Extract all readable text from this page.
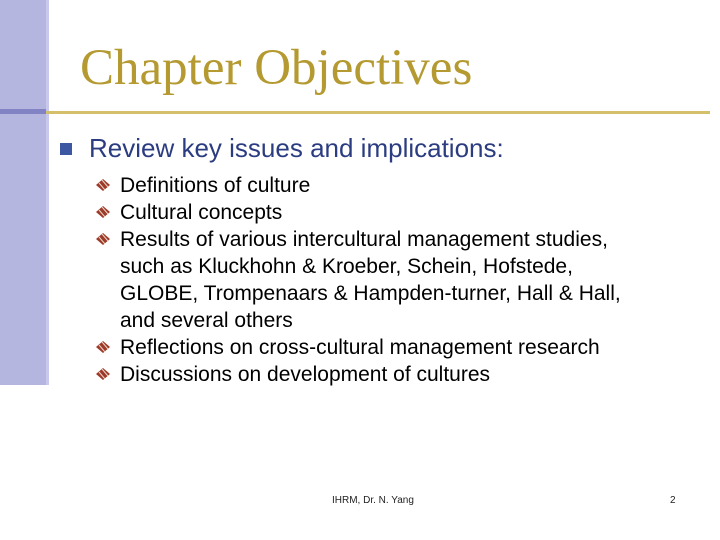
Chapter Objectives
Review key issues and implications:
Definitions of culture
Cultural concepts
Results of various intercultural management studies, such as Kluckhohn & Kroeber, Schein, Hofstede, GLOBE, Trompenaars & Hampden-turner, Hall & Hall, and several others
Reflections on cross-cultural management research
Discussions on development of cultures
IHRM, Dr. N. Yang	2
